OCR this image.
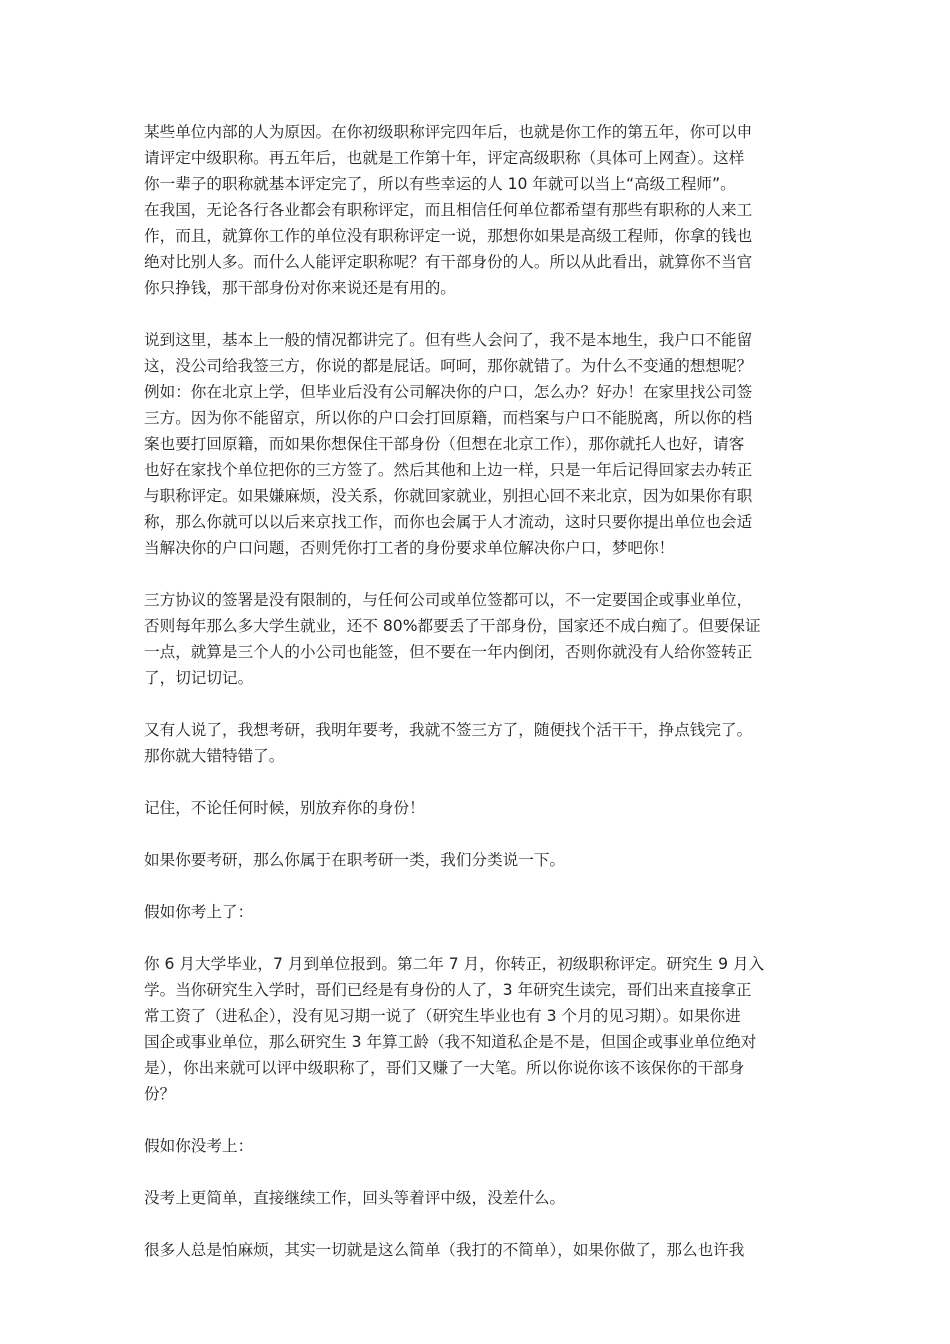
某些单位内部的人为原因。在你初级职称评完四年后，也就是你工作的第五年，你可以申
请评定中级职称。再五年后，也就是工作第十年，评定高级职称（具体可上网查）。这样
你一辈子的职称就基本评定完了，所以有些幸运的人 10 年就可以当上“高级工程师”。
在我国，无论各行各业都会有职称评定，而且相信任何单位都希望有那些有职称的人来工
作，而且，就算你工作的单位没有职称评定一说，那想你如果是高级工程师，你拿的钱也
绝对比别人多。而什么人能评定职称呢？有干部身份的人。所以从此看出，就算你不当官
你只挣钱，那干部身份对你来说还是有用的。

说到这里，基本上一般的情况都讲完了。但有些人会问了，我不是本地生，我户口不能留
这，没公司给我签三方，你说的都是屁话。呵呵，那你就错了。为什么不变通的想想呢？
例如：你在北京上学，但毕业后没有公司解决你的户口，怎么办？好办！在家里找公司签
三方。因为你不能留京，所以你的户口会打回原籍，而档案与户口不能脱离，所以你的档
案也要打回原籍，而如果你想保住干部身份（但想在北京工作），那你就托人也好，请客
也好在家找个单位把你的三方签了。然后其他和上边一样，只是一年后记得回家去办转正
与职称评定。如果嫌麻烦，没关系，你就回家就业，别担心回不来北京，因为如果你有职
称，那么你就可以以后来京找工作，而你也会属于人才流动，这时只要你提出单位也会适
当解决你的户口问题，否则凭你打工者的身份要求单位解决你户口，梦吧你！

三方协议的签署是没有限制的，与任何公司或单位签都可以，不一定要国企或事业单位，
否则每年那么多大学生就业，还不 80%都要丢了干部身份，国家还不成白痴了。但要保证
一点，就算是三个人的小公司也能签，但不要在一年内倒闭，否则你就没有人给你签转正
了，切记切记。

又有人说了，我想考研，我明年要考，我就不签三方了，随便找个活干干，挣点钱完了。
那你就大错特错了。

记住，不论任何时候，别放弃你的身份！

如果你要考研，那么你属于在职考研一类，我们分类说一下。

假如你考上了：

你 6 月大学毕业，7 月到单位报到。第二年 7 月，你转正，初级职称评定。研究生 9 月入
学。当你研究生入学时，哥们已经是有身份的人了，3 年研究生读完，哥们出来直接拿正
常工资了（进私企），没有见习期一说了（研究生毕业也有 3 个月的见习期）。如果你进
国企或事业单位，那么研究生 3 年算工龄（我不知道私企是不是，但国企或事业单位绝对
是），你出来就可以评中级职称了，哥们又赚了一大笔。所以你说你该不该保你的干部身
份？

假如你没考上：

没考上更简单，直接继续工作，回头等着评中级，没差什么。

很多人总是怕麻烦，其实一切就是这么简单（我打的不简单），如果你做了，那么也许我
